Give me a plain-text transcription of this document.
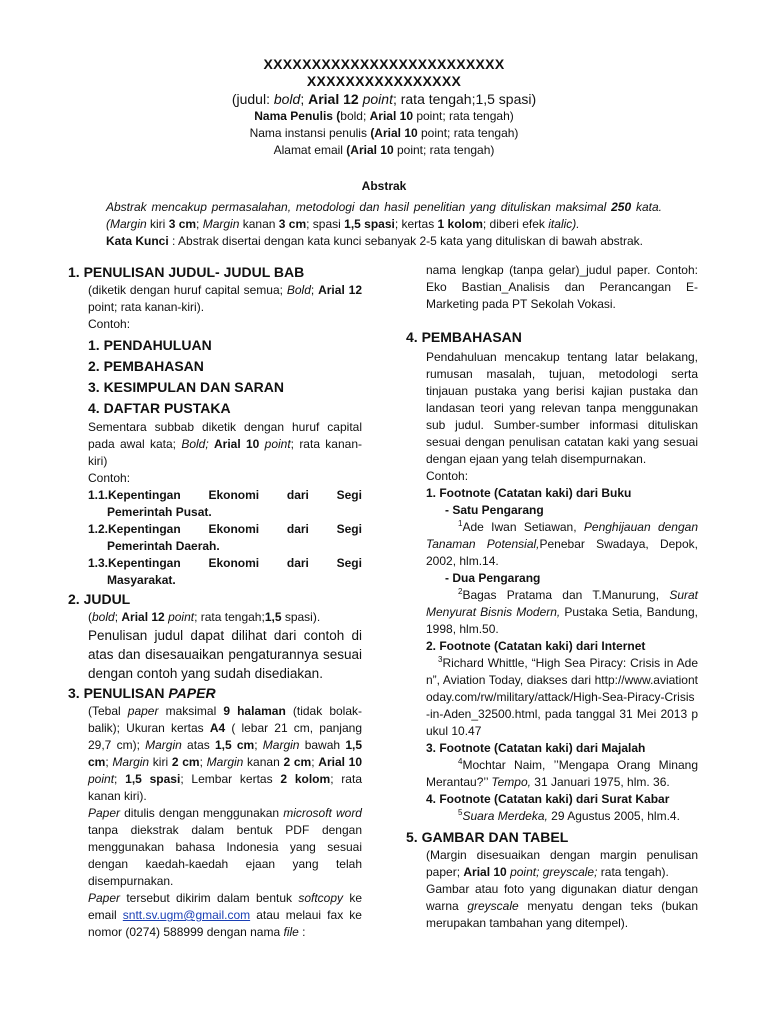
XXXXXXXXXXXXXXXXXXXXXXXXX
XXXXXXXXXXXXXXXX
(judul: bold; Arial 12 point; rata tengah;1,5 spasi)
Nama Penulis (bold; Arial 10 point; rata tengah)
Nama instansi penulis (Arial 10 point; rata tengah)
Alamat email (Arial 10 point; rata tengah)
Abstrak

Abstrak mencakup permasalahan, metodologi dan hasil penelitian yang dituliskan maksimal 250 kata. (Margin kiri 3 cm; Margin kanan 3 cm; spasi 1,5 spasi; kertas 1 kolom; diberi efek italic).

Kata Kunci : Abstrak disertai dengan kata kunci sebanyak 2-5 kata yang dituliskan di bawah abstrak.

1. PENULISAN JUDUL- JUDUL BAB

(diketik dengan huruf capital semua; Bold; Arial 12 point; rata kanan-kiri).

Contoh:

1. PENDAHULUAN
2. PEMBAHASAN
3. KESIMPULAN DAN SARAN
4. DAFTAR PUSTAKA

Sementara subbab diketik dengan huruf capital pada awal kata; Bold; Arial 10 point; rata kanan-kiri)

Contoh:

1.1.Kepentingan Ekonomi dari Segi
Pemerintah Pusat.
1.2.Kepentingan Ekonomi dari Segi
Pemerintah Daerah.
1.3.Kepentingan Ekonomi dari Segi
Masyarakat.
2. JUDUL

(bold; Arial 12 point; rata tengah;1,5 spasi).

Penulisan judul dapat dilihat dari contoh di atas dan disesauaikan pengaturannya sesuai dengan contoh yang sudah disediakan.

3. PENULISAN PAPER

(Tebal paper maksimal 9 halaman (tidak bolak-balik); Ukuran kertas A4 ( lebar 21 cm, panjang 29,7 cm); Margin atas 1,5 cm; Margin bawah 1,5 cm; Margin kiri 2 cm; Margin kanan 2 cm; Arial 10 point; 1,5 spasi; Lembar kertas 2 kolom; rata kanan kiri).

Paper ditulis dengan menggunakan microsoft word tanpa diekstrak dalam bentuk PDF dengan menggunakan bahasa Indonesia yang sesuai dengan kaedah-kaedah ejaan yang telah disempurnakan.

Paper tersebut dikirim dalam bentuk softcopy ke email sntt.sv.ugm@gmail.com atau melaui fax ke nomor (0274) 588999 dengan nama file :

nama lengkap (tanpa gelar)_judul paper. Contoh: Eko Bastian_Analisis dan Perancangan E-Marketing pada PT Sekolah Vokasi.

4. PEMBAHASAN

Pendahuluan mencakup tentang latar belakang, rumusan masalah, tujuan, metodologi serta tinjauan pustaka yang berisi kajian pustaka dan landasan teori yang relevan tanpa menggunakan sub judul. Sumber-sumber informasi dituliskan sesuai dengan penulisan catatan kaki yang sesuai dengan ejaan yang telah disempurnakan.

Contoh:

1. Footnote (Catatan kaki) dari Buku

- Satu Pengarang

$^1$Ade Iwan Setiawan, Penghijauan dengan Tanaman Potensial,Penebar Swadaya, Depok, 2002, hlm.14.

- Dua Pengarang

$^2$Bagas Pratama dan T.Manurung, Surat Menyurat Bisnis Modern, Pustaka Setia, Bandung, 1998, hlm.50.

2. Footnote (Catatan kaki) dari Internet

$^3$Richard Whittle, “High Sea Piracy: Crisis in Aden”, Aviation Today, diakses dari http://www.aviationtoday.com/rw/military/attack/High-Sea-Piracy-Crisis-in-Aden_32500.html, pada tanggal 31 Mei 2013 pukul 10.47

3. Footnote (Catatan kaki) dari Majalah

$^4$Mochtar Naim, ’’Mengapa Orang Minang Merantau?’’ Tempo, 31 Januari 1975, hlm. 36.

4. Footnote (Catatan kaki) dari Surat Kabar

$^5$Suara Merdeka, 29 Agustus 2005, hlm.4.

5. GAMBAR DAN TABEL

(Margin disesuaikan dengan margin penulisan paper; Arial 10 point; greyscale; rata tengah).

Gambar atau foto yang digunakan diatur dengan warna greyscale menyatu dengan teks (bukan merupakan tambahan yang ditempel).
